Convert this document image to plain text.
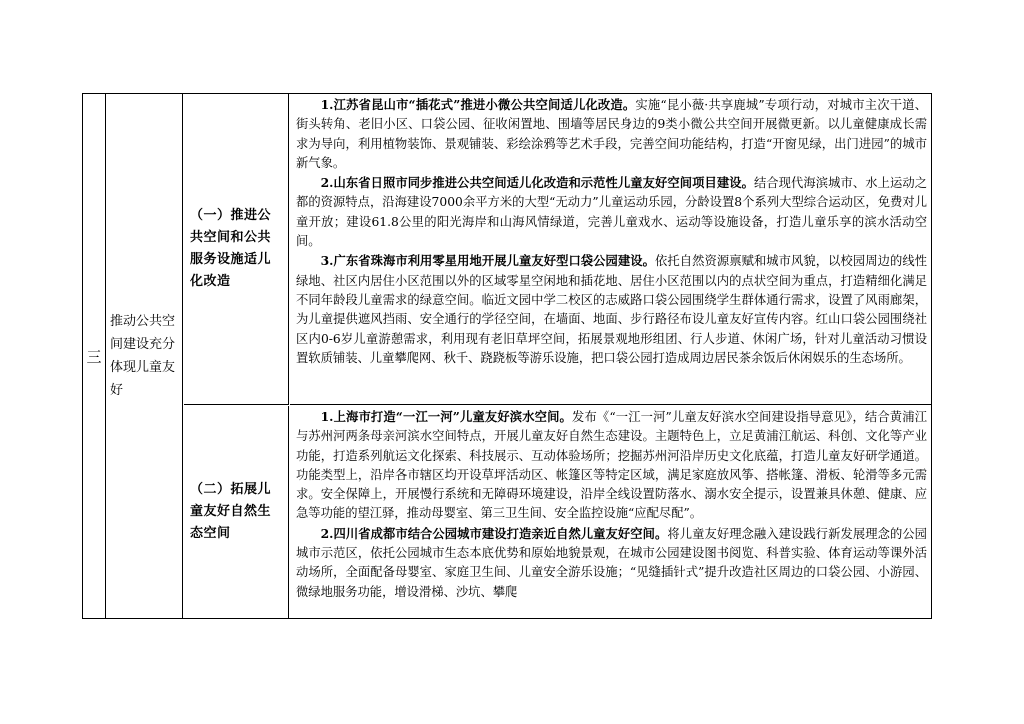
三
推动公共空间建设充分体现儿童友好
（一）推进公共空间和公共服务设施适儿化改造

1.江苏省昆山市“插花式”推进小微公共空间适儿化改造。实施“昆小薇·共享鹿城”专项行动，对城市主次干道、街头转角、老旧小区、口袋公园、征收闲置地、围墙等居民身边的9类小微公共空间开展微更新。以儿童健康成长需求为导向，利用植物装饰、景观铺装、彩绘涂鸦等艺术手段，完善空间功能结构，打造“开窗见绿，出门进园”的城市新气象。

2.山东省日照市同步推进公共空间适儿化改造和示范性儿童友好空间项目建设。结合现代海滨城市、水上运动之都的资源特点，沿海建设7000余平方米的大型“无动力”儿童运动乐园，分龄设置8个系列大型综合运动区，免费对儿童开放；建设61.8公里的阳光海岸和山海风情绿道，完善儿童戏水、运动等设施设备，打造儿童乐享的滨水活动空间。

3.广东省珠海市利用零星用地开展儿童友好型口袋公园建设。依托自然资源禀赋和城市风貌，以校园周边的线性绿地、社区内居住小区范围以外的区域零星空闲地和插花地、居住小区范围以内的点状空间为重点，打造精细化满足不同年龄段儿童需求的绿意空间。临近文园中学二校区的志威路口袋公园围绕学生群体通行需求，设置了风雨廊架，为儿童提供遮风挡雨、安全通行的学径空间，在墙面、地面、步行路径布设儿童友好宣传内容。红山口袋公园围绕社区内0-6岁儿童游憩需求，利用现有老旧草坪空间，拓展景观地形组团、行人步道、休闲广场，针对儿童活动习惯设置软质铺装、儿童攀爬网、秋千、跷跷板等游乐设施，把口袋公园打造成周边居民茶余饭后休闲娱乐的生态场所。

（二）拓展儿童友好自然生态空间

1.上海市打造“一江一河”儿童友好滨水空间。发布《“一江一河”儿童友好滨水空间建设指导意见》，结合黄浦江与苏州河两条母亲河滨水空间特点，开展儿童友好自然生态建设。主题特色上，立足黄浦江航运、科创、文化等产业功能，打造系列航运文化探索、科技展示、互动体验场所；挖掘苏州河沿岸历史文化底蕴，打造儿童友好研学通道。功能类型上，沿岸各市辖区均开设草坪活动区、帐篷区等特定区域，满足家庭放风筝、搭帐篷、滑板、轮滑等多元需求。安全保障上，开展慢行系统和无障碍环境建设，沿岸全线设置防落水、溺水安全提示，设置兼具休憩、健康、应急等功能的望江驿，推动母婴室、第三卫生间、安全监控设施“应配尽配”。

2.四川省成都市结合公园城市建设打造亲近自然儿童友好空间。将儿童友好理念融入建设践行新发展理念的公园城市示范区，依托公园城市生态本底优势和原始地貌景观，在城市公园建设图书阅览、科普实验、体育运动等课外活动场所，全面配备母婴室、家庭卫生间、儿童安全游乐设施；“见缝插针式”提升改造社区周边的口袋公园、小游园、微绿地服务功能，增设滑梯、沙坑、攀爬
